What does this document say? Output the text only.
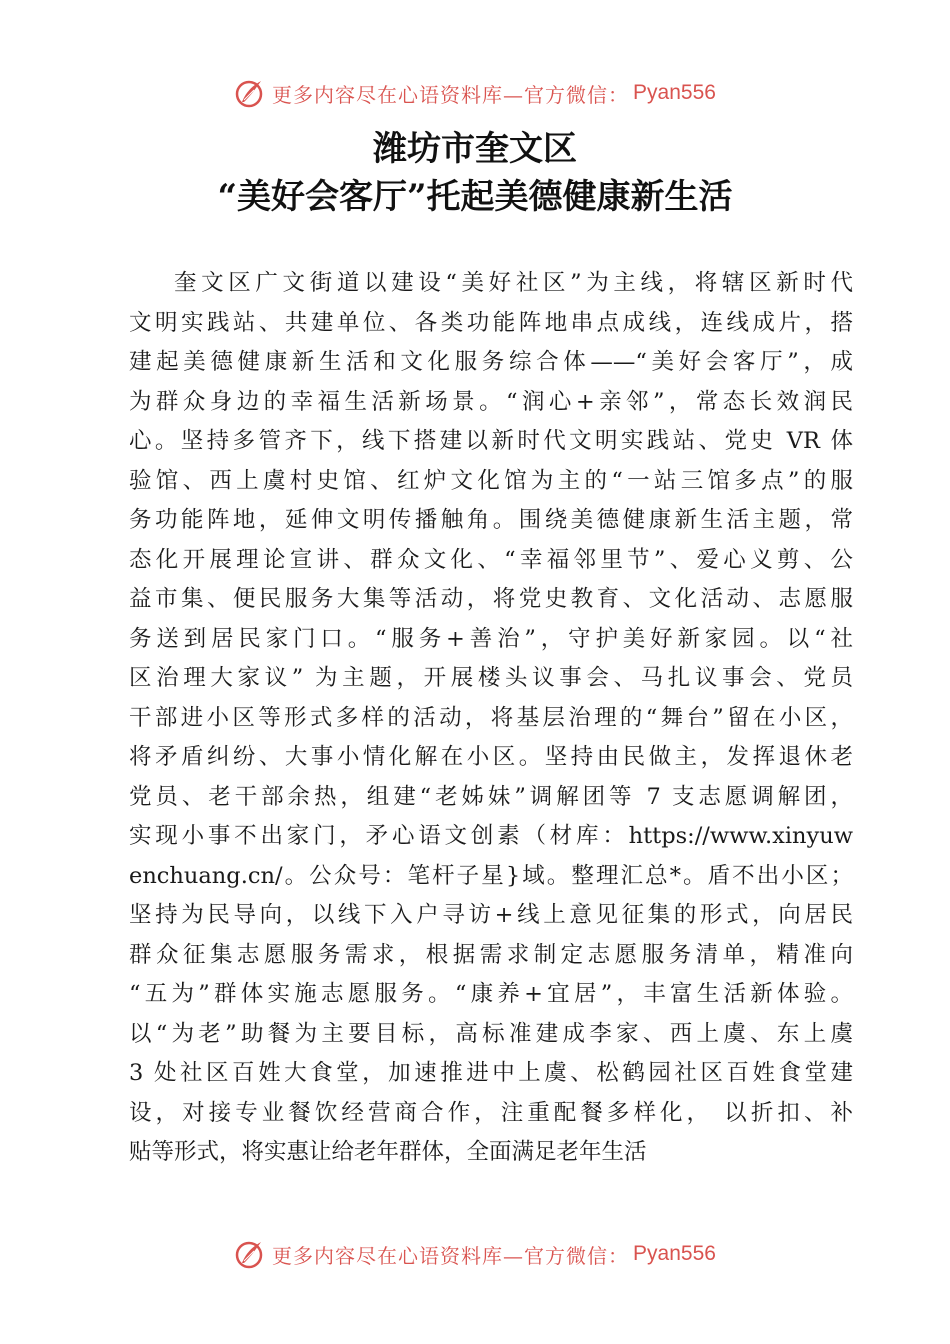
更多内容尽在心语资料库—官方微信： Pyan556
潍坊市奎文区
“美好会客厅”托起美德健康新生活
奎文区广文街道以建设“美好社区”为主线，将辖区新时代
文明实践站、共建单位、各类功能阵地串点成线，连线成片，搭
建起美德健康新生活和文化服务综合体——“美好会客厅”，成
为群众身边的幸福生活新场景。“润心+亲邻”，常态长效润民
心。坚持多管齐下，线下搭建以新时代文明实践站、党史 VR 体
验馆、西上虞村史馆、红炉文化馆为主的“一站三馆多点”的服
务功能阵地，延伸文明传播触角。围绕美德健康新生活主题，常
态化开展理论宣讲、群众文化、“幸福邻里节”、爱心义剪、公
益市集、便民服务大集等活动，将党史教育、文化活动、志愿服
务送到居民家门口。“服务+善治”，守护美好新家园。以“社
区治理大家议” 为主题，开展楼头议事会、马扎议事会、党员
干部进小区等形式多样的活动，将基层治理的“舞台”留在小区，
将矛盾纠纷、大事小情化解在小区。坚持由民做主，发挥退休老
党员、老干部余热，组建“老姊妹”调解团等 7 支志愿调解团，
实现小事不出家门，矛心语文创素（材库：https://www.xinyuw
enchuang.cn/。公众号：笔杆子星}域。整理汇总*。盾不出小区；
坚持为民导向，以线下入户寻访+线上意见征集的形式，向居民
群众征集志愿服务需求，根据需求制定志愿服务清单，精准向
“五为”群体实施志愿服务。“康养+宜居”，丰富生活新体验。
以“为老”助餐为主要目标，高标准建成李家、西上虞、东上虞
3 处社区百姓大食堂，加速推进中上虞、松鹤园社区百姓食堂建
设，对接专业餐饮经营商合作，注重配餐多样化， 以折扣、补
贴等形式，将实惠让给老年群体，全面满足老年生活
更多内容尽在心语资料库—官方微信： Pyan556
